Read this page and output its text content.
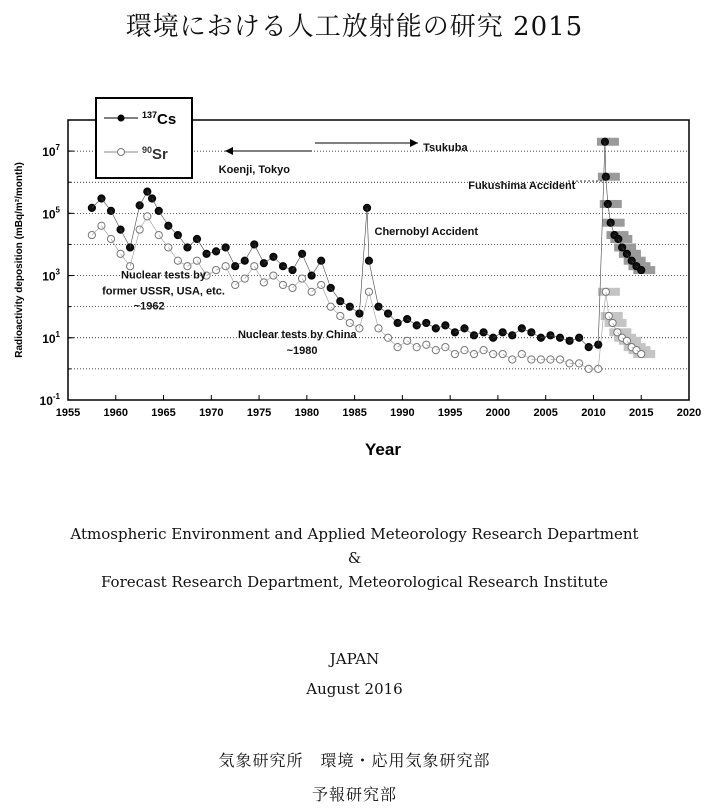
環境における人工放射能の研究 2015
1955 1960 1965 1970 1975 1980 1985 1990 1995 2000 2005 2010 2015 2020
$10^{-1}$
$10^1$
$10^3$
$10^5$
$10^7$
Year
Radioactivity deposition (mBq/m²/month)
Tsukuba
Koenji, Tokyo
Fukushima Accident
Chernobyl Accident
Nuclear tests by
former USSR, USA, etc.
~1962
Nuclear tests by China
~1980
$^{137}$Cs
$^{90}$Sr
Atmospheric Environment and Applied Meteorology Research Department
&
Forecast Research Department, Meteorological Research Institute
JAPAN
August 2016
気象研究所　環境・応用気象研究部
予報研究部
